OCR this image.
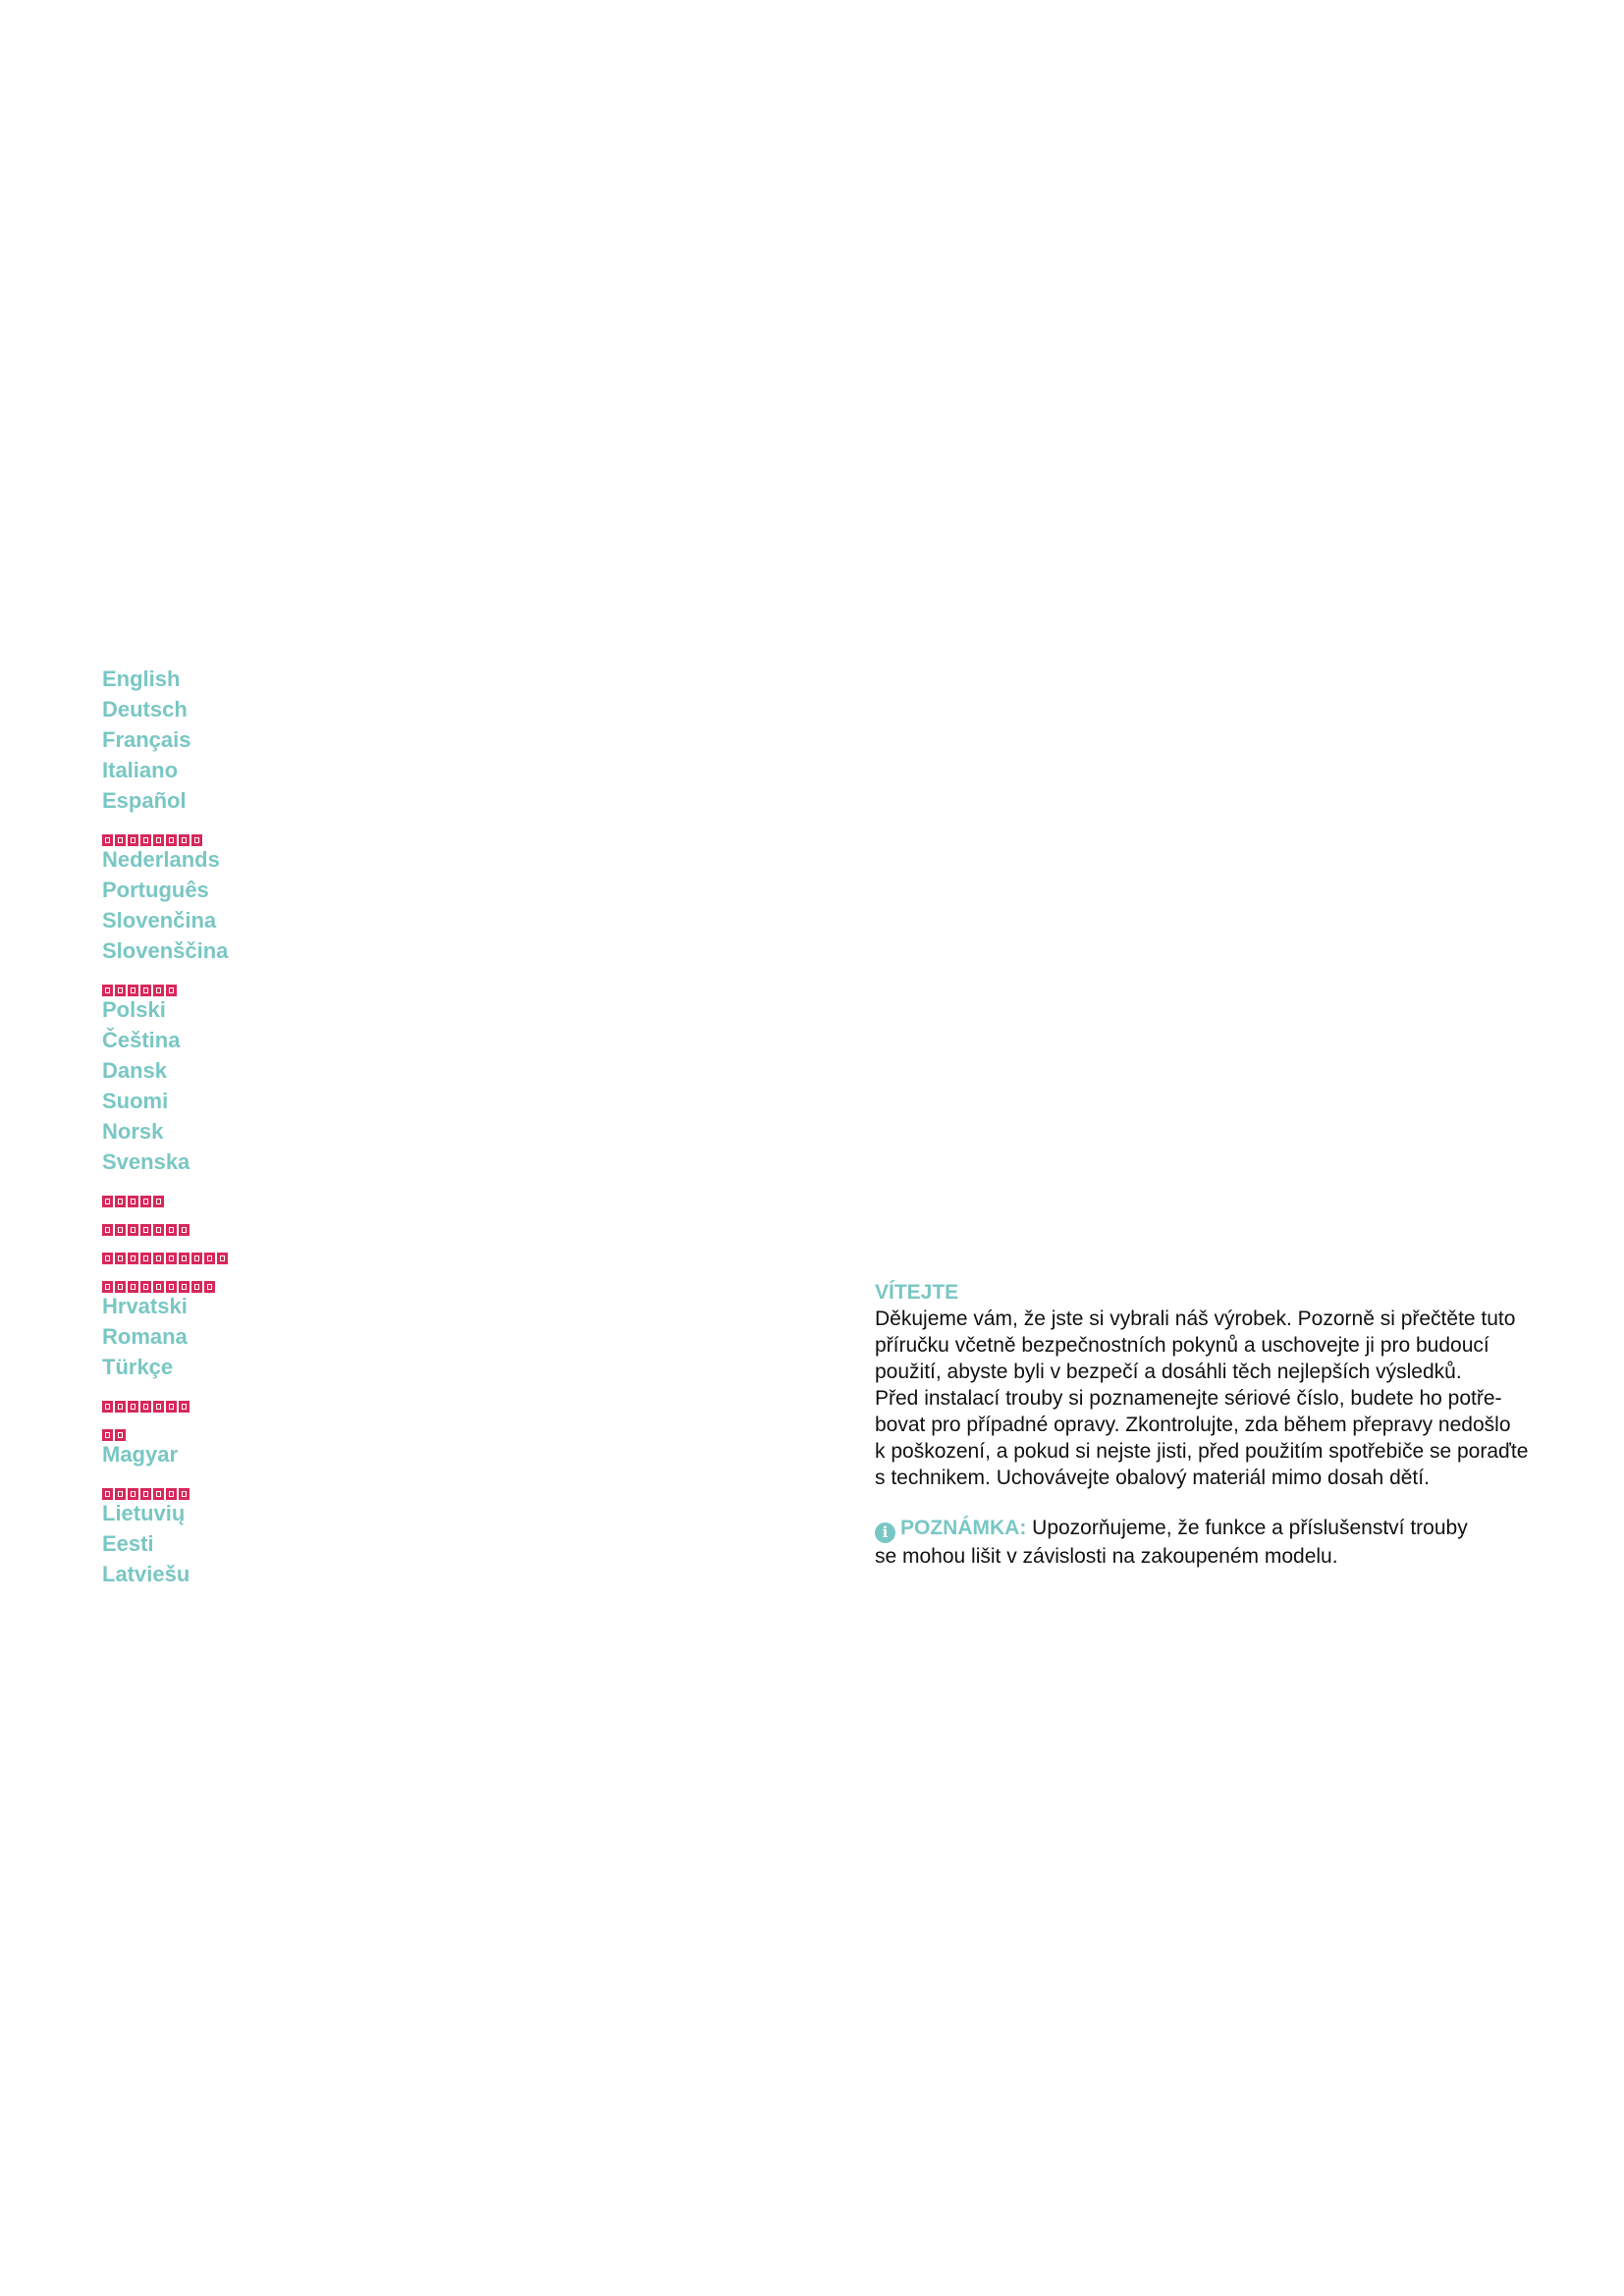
English
Deutsch
Français
Italiano
Español
Nederlands
Português
Slovenčina
Slovenščina
Polski
Čeština
Dansk
Suomi
Norsk
Svenska
Hrvatski
Romana
Türkçe
Magyar
Lietuvių
Eesti
Latviešu
VÍTEJTE

Děkujeme vám, že jste si vybrali náš výrobek. Pozorně si přečtěte tuto
příručku včetně bezpečnostních pokynů a uschovejte ji pro budoucí
použití, abyste byli v bezpečí a dosáhli těch nejlepších výsledků.
Před instalací trouby si poznamenejte sériové číslo, budete ho potře-
bovat pro případné opravy. Zkontrolujte, zda během přepravy nedošlo
k poškození, a pokud si nejste jisti, před použitím spotřebiče se poraďte
s technikem. Uchovávejte obalový materiál mimo dosah dětí.

i POZNÁMKA: Upozorňujeme, že funkce a příslušenství trouby
se mohou lišit v závislosti na zakoupeném modelu.
